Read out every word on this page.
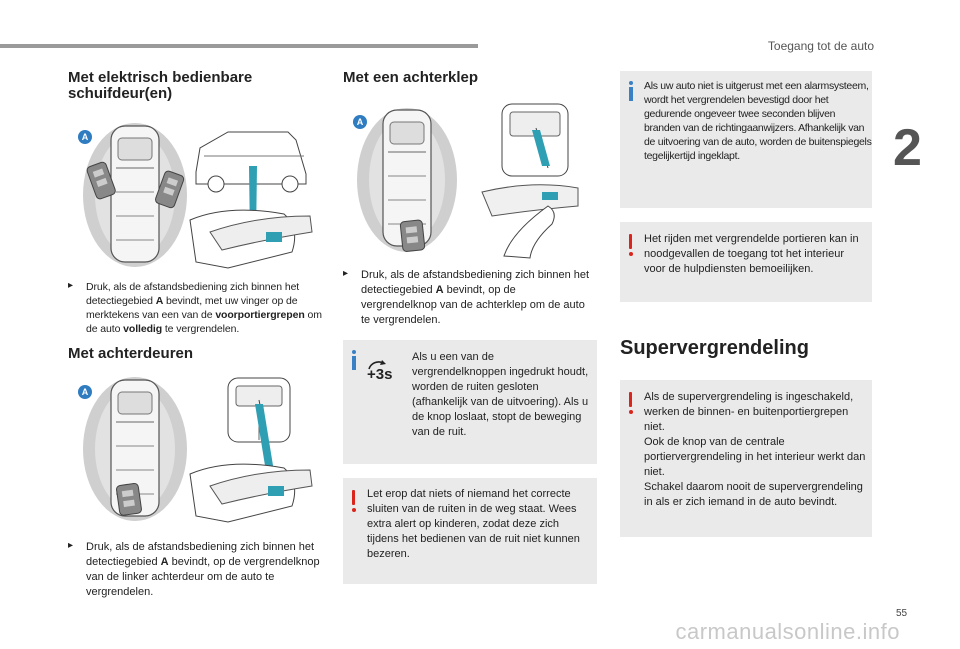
Toegang tot de auto
2
Met elektrisch bedienbare
schuifdeur(en)
A
▸	Druk, als de afstandsbediening zich binnen het detectiegebied A bevindt, met uw vinger op de merktekens van een van de voorportiergrepen om de auto volledig te vergrendelen.
Met achterdeuren
A
▸	Druk, als de afstandsbediening zich binnen het detectiegebied A bevindt, op de vergrendelknop van de linker achterdeur om de auto te vergrendelen.
Met een achterklep
A
▸	Druk, als de afstandsbediening zich binnen het detectiegebied A bevindt, op de vergrendelknop van de achterklep om de auto te vergrendelen.
+3s
Als u een van de vergrendelknoppen ingedrukt houdt, worden de ruiten gesloten (afhankelijk van de uitvoering). Als u de knop loslaat, stopt de beweging van de ruit.
Let erop dat niets of niemand het correcte sluiten van de ruiten in de weg staat. Wees extra alert op kinderen, zodat deze zich tijdens het bedienen van de ruit niet kunnen bezeren.
Als uw auto niet is uitgerust met een alarmsysteem, wordt het vergrendelen bevestigd door het gedurende ongeveer twee seconden blijven branden van de richtingaanwijzers. Afhankelijk van de uitvoering van de auto, worden de buitenspiegels tegelijkertijd ingeklapt.
Het rijden met vergrendelde portieren kan in noodgevallen de toegang tot het interieur voor de hulpdiensten bemoeilijken.
Supervergrendeling
Als de supervergrendeling is ingeschakeld, werken de binnen- en buitenportiergrepen niet.
Ook de knop van de centrale portiervergrendeling in het interieur werkt dan niet.
Schakel daarom nooit de supervergrendeling in als er zich iemand in de auto bevindt.
55
carmanualsonline.info
